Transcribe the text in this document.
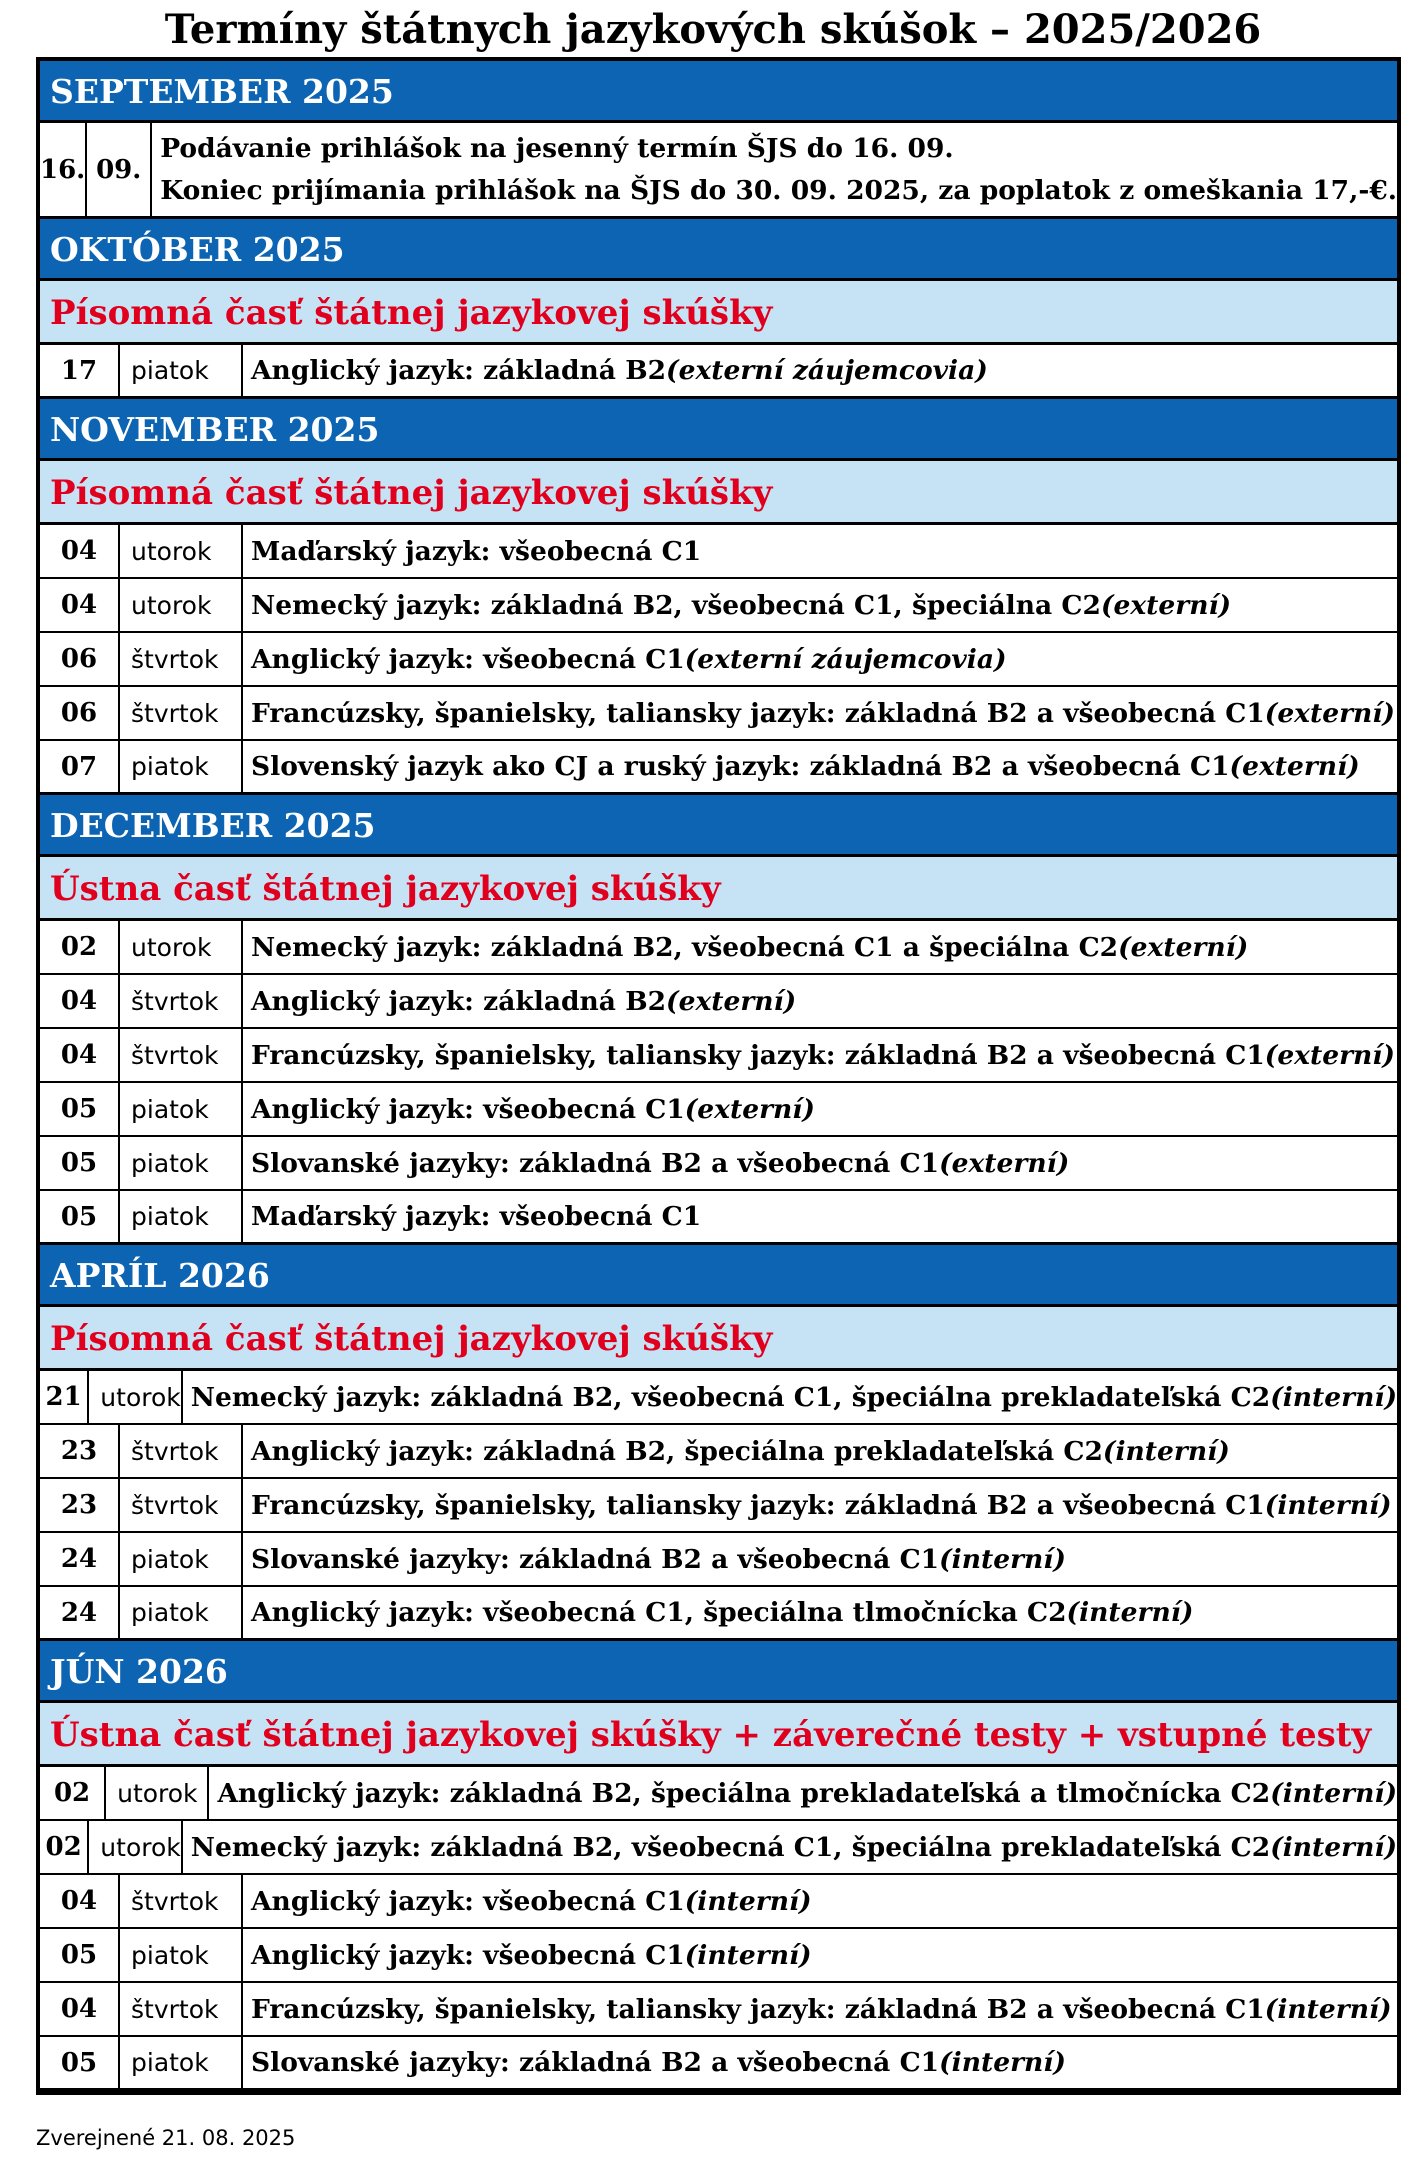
Termíny štátnych jazykových skúšok – 2025/2026
SEPTEMBER 2025
16. 09.
Podávanie prihlášok na jesenný termín ŠJS do 16. 09.
Koniec prijímania prihlášok na ŠJS do 30. 09. 2025, za poplatok z omeškania 17,-€.
OKTÓBER 2025
Písomná časť štátnej jazykovej skúšky
17	piatok	Anglický jazyk: základná B2 (externí záujemcovia)
NOVEMBER 2025
Písomná časť štátnej jazykovej skúšky
04	utorok	Maďarský jazyk: všeobecná C1
04	utorok	Nemecký jazyk: základná B2, všeobecná C1, špeciálna C2 (externí)
06	štvrtok	Anglický jazyk: všeobecná C1 (externí záujemcovia)
06	štvrtok	Francúzsky, španielsky, taliansky jazyk: základná B2 a všeobecná C1 (externí)
07	piatok	Slovenský jazyk ako CJ a ruský jazyk: základná B2 a všeobecná C1 (externí)
DECEMBER 2025
Ústna časť štátnej jazykovej skúšky
02	utorok	Nemecký jazyk: základná B2, všeobecná C1 a špeciálna C2 (externí)
04	štvrtok	Anglický jazyk: základná B2 (externí)
04	štvrtok	Francúzsky, španielsky, taliansky jazyk: základná B2 a všeobecná C1 (externí)
05	piatok	Anglický jazyk: všeobecná C1 (externí)
05	piatok	Slovanské jazyky: základná B2 a všeobecná C1 (externí)
05	piatok	Maďarský jazyk: všeobecná C1
APRÍL 2026
Písomná časť štátnej jazykovej skúšky
21 utorok Nemecký jazyk: základná B2, všeobecná C1, špeciálna prekladateľská C2 (interní)
23	štvrtok	Anglický jazyk: základná B2, špeciálna prekladateľská C2 (interní)
23	štvrtok	Francúzsky, španielsky, taliansky jazyk: základná B2 a všeobecná C1 (interní)
24	piatok	Slovanské jazyky: základná B2 a všeobecná C1 (interní)
24	piatok	Anglický jazyk: všeobecná C1, špeciálna tlmočnícka C2 (interní)
JÚN 2026
Ústna časť štátnej jazykovej skúšky + záverečné testy + vstupné testy
02	utorok Anglický jazyk: základná B2, špeciálna prekladateľská a tlmočnícka C2 (interní)
02 utorok Nemecký jazyk: základná B2, všeobecná C1, špeciálna prekladateľská C2 (interní)
04	štvrtok	Anglický jazyk: všeobecná C1 (interní)
05	piatok	Anglický jazyk: všeobecná C1 (interní)
04	štvrtok	Francúzsky, španielsky, taliansky jazyk: základná B2 a všeobecná C1 (interní)
05	piatok	Slovanské jazyky: základná B2 a všeobecná C1 (interní)
Zverejnené 21. 08. 2025
